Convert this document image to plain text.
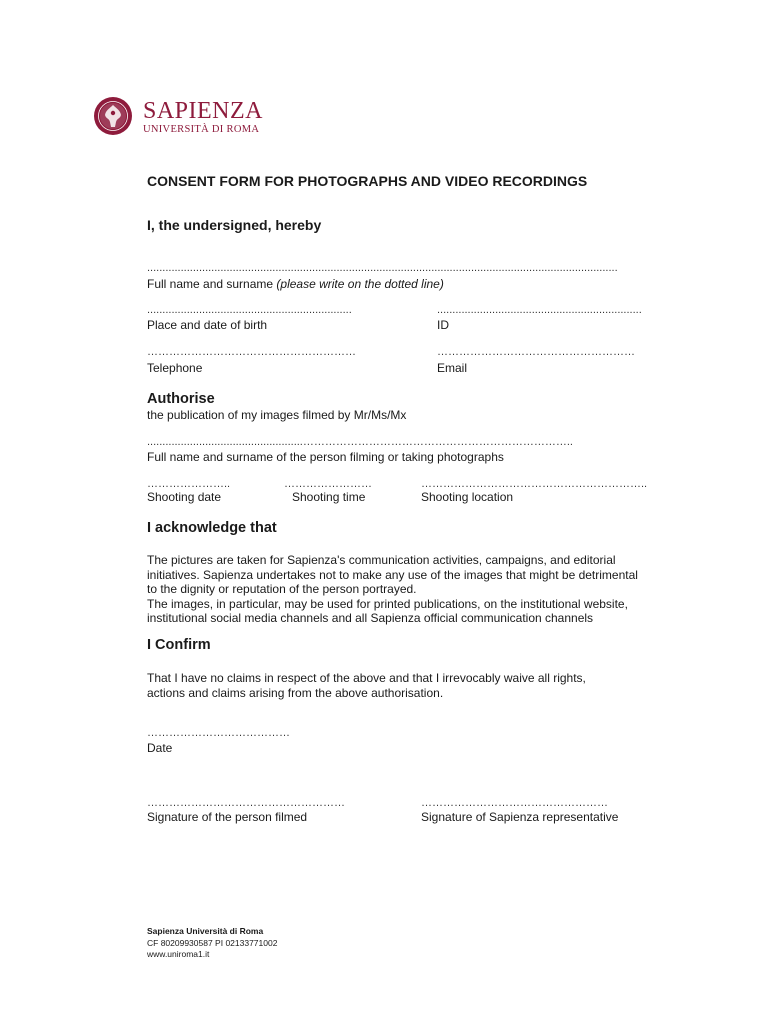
SAPIENZA
UNIVERSITÀ DI ROMA
CONSENT FORM FOR PHOTOGRAPHS AND VIDEO RECORDINGS
I, the undersigned, hereby
..........................................................................................................................................................
Full name and surname (please write on the dotted line)
...................................................................
Place and date of birth
...................................................................
ID
…………………………………………………
Telephone
………………………………………………
Email
Authorise
the publication of my images filmed by Mr/Ms/Mx
...................................................………………………………………………………………..
Full name and surname of the person filming or taking photographs
…………………..
Shooting date
……………………
Shooting time
……………………………………………………..
Shooting location
I acknowledge that
The pictures are taken for Sapienza's communication activities, campaigns, and editorial
initiatives. Sapienza undertakes not to make any use of the images that might be detrimental
to the dignity or reputation of the person portrayed.
The images, in particular, may be used for printed publications, on the institutional website,
institutional social media channels and all Sapienza official communication channels
I Confirm
That I have no claims in respect of the above and that I irrevocably waive all rights,
actions and claims arising from the above authorisation.
…………………………………
Date
………………………………………………
Signature of the person filmed
……………………………………………
Signature of Sapienza representative
Sapienza Università di Roma
CF 80209930587 PI 02133771002
www.uniroma1.it
